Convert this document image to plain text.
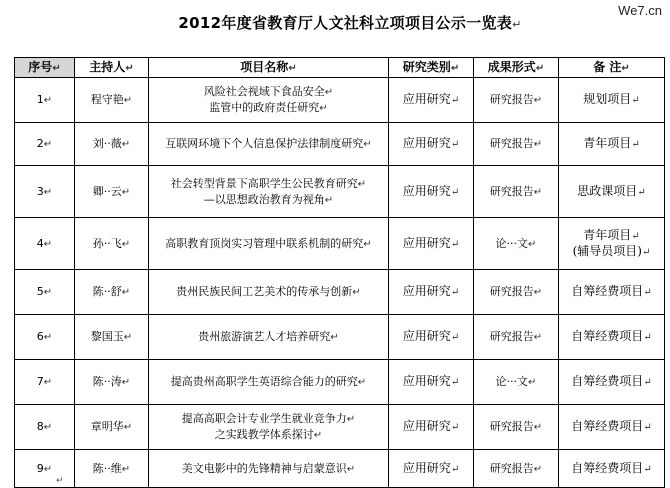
We7.cn
2012年度省教育厅人文社科立项项目公示一览表↵
序号↵	主持人↵	项目名称↵	研究类别↵	成果形式↵	备 注↵
1↵	程守艳↵	风险社会视域下食品安全↵
监管中的政府责任研究↵	应用研究↵	研究报告↵	规划项目↵

2↵	刘··薇↵	互联网环境下个人信息保护法律制度研究↵	应用研究↵	研究报告↵	青年项目↵

3↵	卿··云↵	社会转型背景下高职学生公民教育研究↵
—以思想政治教育为视角↵	应用研究↵	研究报告↵	思政课项目↵

4↵	孙··飞↵	高职教育顶岗实习管理中联系机制的研究↵	应用研究↵	论···文↵	青年项目↵
(辅导员项目)↵

5↵	陈··舒↵	贵州民族民间工艺美术的传承与创新↵	应用研究↵	研究报告↵	自筹经费项目↵

6↵	黎国玉↵	贵州旅游演艺人才培养研究↵	应用研究↵	研究报告↵	自筹经费项目↵

7↵	陈··涛↵	提高贵州高职学生英语综合能力的研究↵	应用研究↵	论···文↵	自筹经费项目↵

8↵	章明华↵	提高高职会计专业学生就业竞争力↵
之实践教学体系探讨↵	应用研究↵	研究报告↵	自筹经费项目↵

9↵	陈··维↵	美文电影中的先锋精神与启蒙意识↵	应用研究↵	研究报告↵	自筹经费项目↵
↵
